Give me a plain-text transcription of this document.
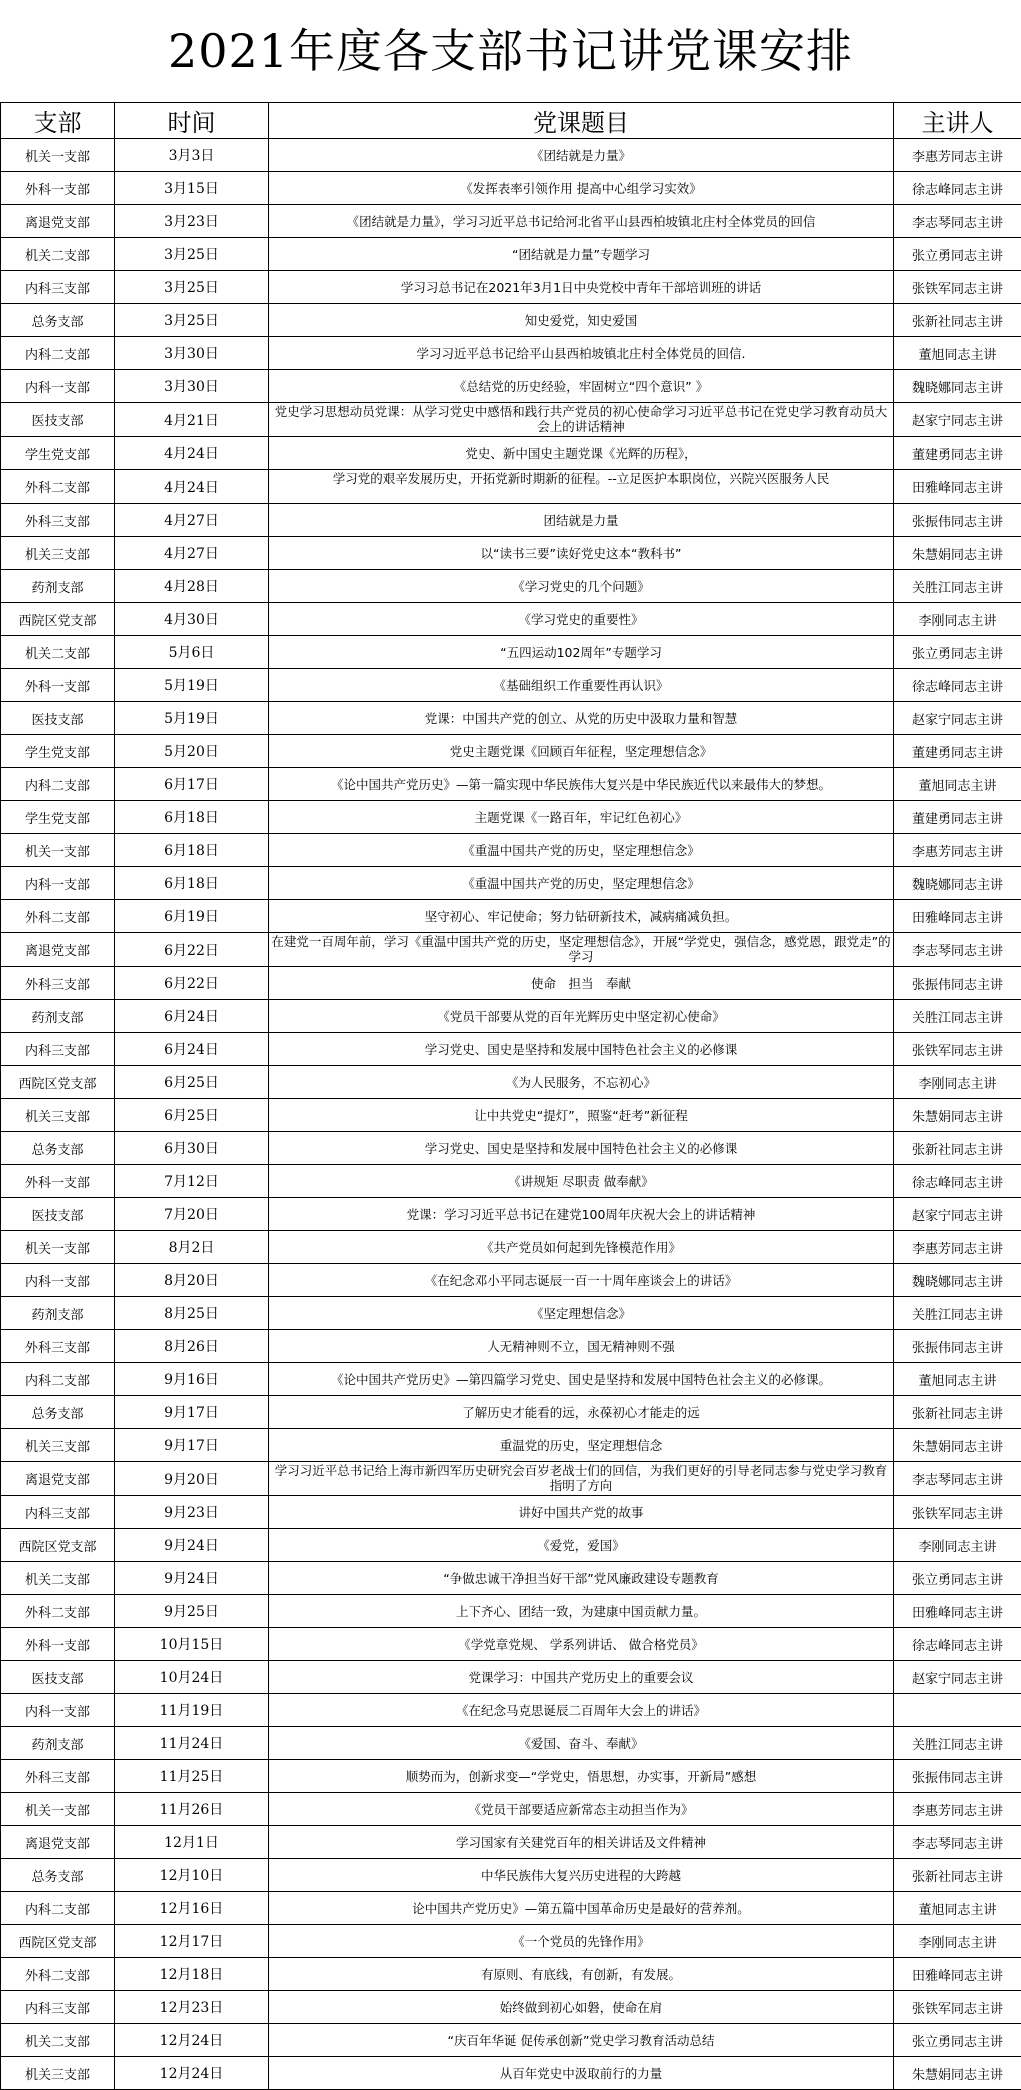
2021年度各支部书记讲党课安排
支部	时间	党课题目	主讲人
机关一支部	3月3日	《团结就是力量》	李惠芳同志主讲
外科一支部	3月15日	《发挥表率引领作用 提高中心组学习实效》	徐志峰同志主讲
离退党支部	3月23日	《团结就是力量》，学习习近平总书记给河北省平山县西柏坡镇北庄村全体党员的回信	李志琴同志主讲
机关二支部	3月25日	“团结就是力量”专题学习	张立勇同志主讲
内科三支部	3月25日	学习习总书记在2021年3月1日中央党校中青年干部培训班的讲话	张铁军同志主讲
总务支部	3月25日	知史爱党，知史爱国	张新社同志主讲
内科二支部	3月30日	学习习近平总书记给平山县西柏坡镇北庄村全体党员的回信.	董旭同志主讲
内科一支部	3月30日	《总结党的历史经验，牢固树立“四个意识” 》	魏晓娜同志主讲
医技支部	4月21日	党史学习思想动员党课：从学习党史中感悟和践行共产党员的初心使命学习习近平总书记在党史学习教育动员大会上的讲话精神	赵家宁同志主讲
学生党支部	4月24日	党史、新中国史主题党课《光辉的历程》，	董建勇同志主讲
外科二支部	4月24日	学习党的艰辛发展历史，开拓党新时期新的征程。--立足医护本职岗位，兴院兴医服务人民	田雅峰同志主讲
外科三支部	4月27日	团结就是力量	张振伟同志主讲
机关三支部	4月27日	以“读书三要”读好党史这本“教科书”	朱慧娟同志主讲
药剂支部	4月28日	《学习党史的几个问题》	关胜江同志主讲
西院区党支部	4月30日	《学习党史的重要性》	李刚同志主讲
机关二支部	5月6日	“五四运动102周年”专题学习	张立勇同志主讲
外科一支部	5月19日	《基础组织工作重要性再认识》	徐志峰同志主讲
医技支部	5月19日	党课：中国共产党的创立、从党的历史中汲取力量和智慧	赵家宁同志主讲
学生党支部	5月20日	党史主题党课《回顾百年征程，坚定理想信念》	董建勇同志主讲
内科二支部	6月17日	《论中国共产党历史》—第一篇实现中华民族伟大复兴是中华民族近代以来最伟大的梦想。	董旭同志主讲
学生党支部	6月18日	主题党课《一路百年，牢记红色初心》	董建勇同志主讲
机关一支部	6月18日	《重温中国共产党的历史，坚定理想信念》	李惠芳同志主讲
内科一支部	6月18日	《重温中国共产党的历史，坚定理想信念》	魏晓娜同志主讲
外科二支部	6月19日	坚守初心、牢记使命；努力钻研新技术，减病痛减负担。	田雅峰同志主讲
离退党支部	6月22日	在建党一百周年前，学习《重温中国共产党的历史，坚定理想信念》，开展“学党史，强信念，感党恩，跟党走”的学习	李志琴同志主讲
外科三支部	6月22日	使命　担当　奉献	张振伟同志主讲
药剂支部	6月24日	《党员干部要从党的百年光辉历史中坚定初心使命》	关胜江同志主讲
内科三支部	6月24日	学习党史、国史是坚持和发展中国特色社会主义的必修课	张铁军同志主讲
西院区党支部	6月25日	《为人民服务，不忘初心》	李刚同志主讲
机关三支部	6月25日	让中共党史“提灯”，照鉴“赶考”新征程	朱慧娟同志主讲
总务支部	6月30日	学习党史、国史是坚持和发展中国特色社会主义的必修课	张新社同志主讲
外科一支部	7月12日	《讲规矩 尽职责 做奉献》	徐志峰同志主讲
医技支部	7月20日	党课：学习习近平总书记在建党100周年庆祝大会上的讲话精神	赵家宁同志主讲
机关一支部	8月2日	《共产党员如何起到先锋模范作用》	李惠芳同志主讲
内科一支部	8月20日	《在纪念邓小平同志诞辰一百一十周年座谈会上的讲话》	魏晓娜同志主讲
药剂支部	8月25日	《坚定理想信念》	关胜江同志主讲
外科三支部	8月26日	人无精神则不立，国无精神则不强	张振伟同志主讲
内科二支部	9月16日	《论中国共产党历史》—第四篇学习党史、国史是坚持和发展中国特色社会主义的必修课。	董旭同志主讲
总务支部	9月17日	了解历史才能看的远，永葆初心才能走的远	张新社同志主讲
机关三支部	9月17日	重温党的历史，坚定理想信念	朱慧娟同志主讲
离退党支部	9月20日	学习习近平总书记给上海市新四军历史研究会百岁老战士们的回信，为我们更好的引导老同志参与党史学习教育指明了方向	李志琴同志主讲
内科三支部	9月23日	讲好中国共产党的故事	张铁军同志主讲
西院区党支部	9月24日	《爱党，爱国》	李刚同志主讲
机关二支部	9月24日	“争做忠诚干净担当好干部”党风廉政建设专题教育	张立勇同志主讲
外科二支部	9月25日	上下齐心、团结一致，为建康中国贡献力量。	田雅峰同志主讲
外科一支部	10月15日	《学党章党规、 学系列讲话、 做合格党员》	徐志峰同志主讲
医技支部	10月24日	党课学习：中国共产党历史上的重要会议	赵家宁同志主讲
内科一支部	11月19日	《在纪念马克思诞辰二百周年大会上的讲话》	
药剂支部	11月24日	《爱国、奋斗、奉献》	关胜江同志主讲
外科三支部	11月25日	顺势而为，创新求变—“学党史，悟思想，办实事，开新局”感想	张振伟同志主讲
机关一支部	11月26日	《党员干部要适应新常态主动担当作为》	李惠芳同志主讲
离退党支部	12月1日	学习国家有关建党百年的相关讲话及文件精神	李志琴同志主讲
总务支部	12月10日	中华民族伟大复兴历史进程的大跨越	张新社同志主讲
内科二支部	12月16日	论中国共产党历史》—第五篇中国革命历史是最好的营养剂。	董旭同志主讲
西院区党支部	12月17日	《一个党员的先锋作用》	李刚同志主讲
外科二支部	12月18日	有原则、有底线，有创新，有发展。	田雅峰同志主讲
内科三支部	12月23日	始终做到初心如磐，使命在肩	张铁军同志主讲
机关二支部	12月24日	“庆百年华诞 促传承创新”党史学习教育活动总结	张立勇同志主讲
机关三支部	12月24日	从百年党史中汲取前行的力量	朱慧娟同志主讲
